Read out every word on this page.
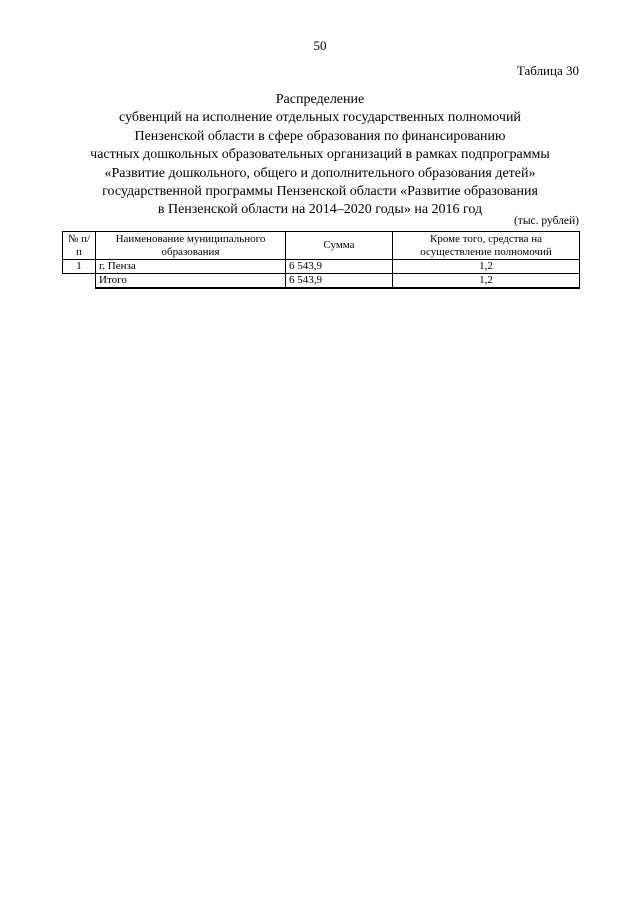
50
Таблица 30
Распределение
субвенций на исполнение отдельных государственных полномочий
Пензенской области в сфере образования по финансированию
частных дошкольных образовательных организаций в рамках подпрограммы
«Развитие дошкольного, общего и дополнительного образования детей»
государственной программы Пензенской области «Развитие образования
в Пензенской области на 2014–2020 годы» на 2016 год
(тыс. рублей)
№ п/п	Наименование муниципального образования	Сумма	Кроме того, средства на осуществление полномочий
1	г. Пенза	6 543,9	1,2
	Итого	6 543,9	1,2
